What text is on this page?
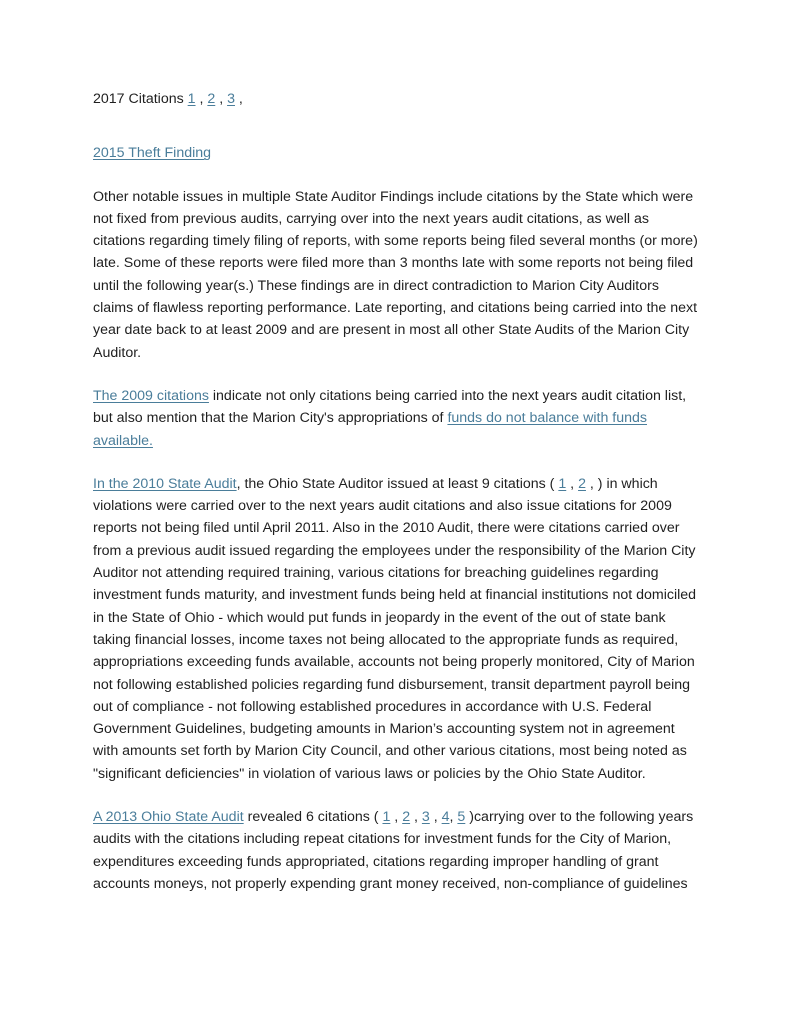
2017 Citations 1 , 2 , 3 ,

2015 Theft Finding

Other notable issues in multiple State Auditor Findings include citations by the State which were not fixed from previous audits, carrying over into the next years audit citations, as well as citations regarding timely filing of reports, with some reports being filed several months (or more) late. Some of these reports were filed more than 3 months late with some reports not being filed until the following year(s.) These findings are in direct contradiction to Marion City Auditors claims of flawless reporting performance. Late reporting, and citations being carried into the next year date back to at least 2009 and are present in most all other State Audits of the Marion City Auditor.

The 2009 citations indicate not only citations being carried into the next years audit citation list, but also mention that the Marion City's appropriations of funds do not balance with funds available.

In the 2010 State Audit, the Ohio State Auditor issued at least 9 citations ( 1 , 2 , ) in which violations were carried over to the next years audit citations and also issue citations for 2009 reports not being filed until April 2011. Also in the 2010 Audit, there were citations carried over from a previous audit issued regarding the employees under the responsibility of the Marion City Auditor not attending required training, various citations for breaching guidelines regarding investment funds maturity, and investment funds being held at financial institutions not domiciled in the State of Ohio - which would put funds in jeopardy in the event of the out of state bank taking financial losses, income taxes not being allocated to the appropriate funds as required, appropriations exceeding funds available, accounts not being properly monitored, City of Marion not following established policies regarding fund disbursement, transit department payroll being out of compliance - not following established procedures in accordance with U.S. Federal Government Guidelines, budgeting amounts in Marion’s accounting system not in agreement with amounts set forth by Marion City Council, and other various citations, most being noted as "significant deficiencies" in violation of various laws or policies by the Ohio State Auditor.

A 2013 Ohio State Audit revealed 6 citations ( 1 , 2 , 3 , 4, 5 )carrying over to the following years audits with the citations including repeat citations for investment funds for the City of Marion, expenditures exceeding funds appropriated, citations regarding improper handling of grant accounts moneys, not properly expending grant money received, non-compliance of guidelines
